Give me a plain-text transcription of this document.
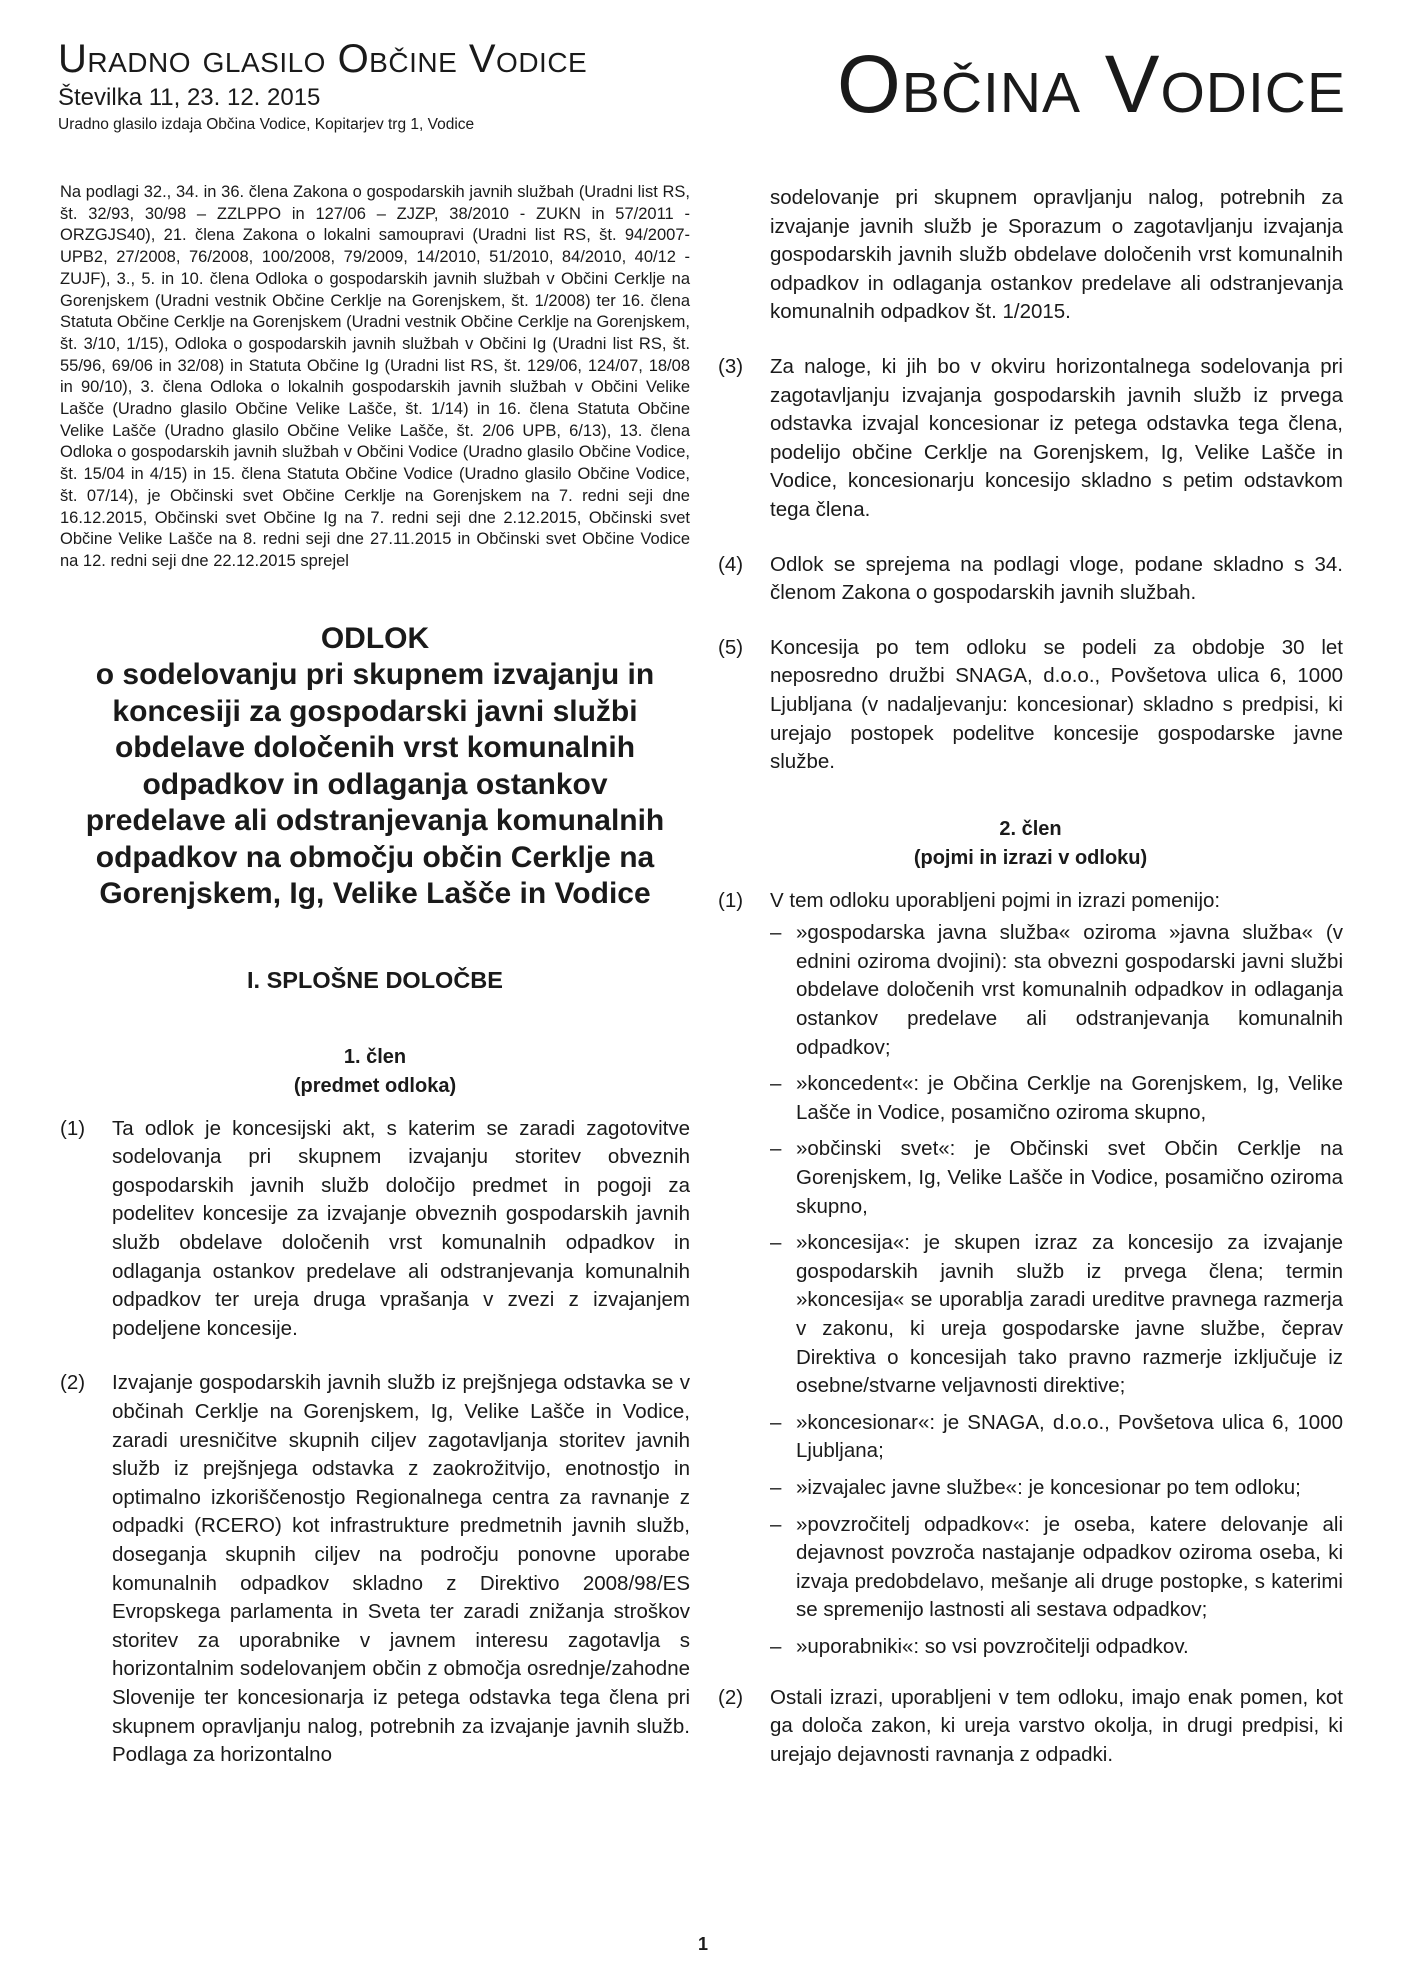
Uradno glasilo Občine Vodice
Številka 11, 23. 12. 2015
Uradno glasilo izdaja Občina Vodice, Kopitarjev trg 1, Vodice	Občina Vodice

Na podlagi 32., 34. in 36. člena Zakona o gospodarskih javnih službah (Uradni list RS, št. 32/93, 30/98 – ZZLPPO in 127/06 – ZJZP, 38/2010 - ZUKN in 57/2011 - ORZGJS40), 21. člena Zakona o lokalni samoupravi (Uradni list RS, št. 94/2007-UPB2, 27/2008, 76/2008, 100/2008, 79/2009, 14/2010, 51/2010, 84/2010, 40/12 - ZUJF), 3., 5. in 10. člena Odloka o gospodarskih javnih službah v Občini Cerklje na Gorenjskem (Uradni vestnik Občine Cerklje na Gorenjskem, št. 1/2008) ter 16. člena Statuta Občine Cerklje na Gorenjskem (Uradni vestnik Občine Cerklje na Gorenjskem, št. 3/10, 1/15), Odloka o gospodarskih javnih službah v Občini Ig (Uradni list RS, št. 55/96, 69/06 in 32/08) in Statuta Občine Ig (Uradni list RS, št. 129/06, 124/07, 18/08 in 90/10), 3. člena Odloka o lokalnih gospodarskih javnih službah v Občini Velike Lašče (Uradno glasilo Občine Velike Lašče, št. 1/14) in 16. člena Statuta Občine Velike Lašče (Uradno glasilo Občine Velike Lašče, št. 2/06 UPB, 6/13), 13. člena Odloka o gospodarskih javnih službah v Občini Vodice (Uradno glasilo Občine Vodice, št. 15/04 in 4/15) in 15. člena Statuta Občine Vodice (Uradno glasilo Občine Vodice, št. 07/14), je Občinski svet Občine Cerklje na Gorenjskem na 7. redni seji dne 16.12.2015, Občinski svet Občine Ig na 7. redni seji dne 2.12.2015, Občinski svet Občine Velike Lašče na 8. redni seji dne 27.11.2015 in Občinski svet Občine Vodice na 12. redni seji dne 22.12.2015 sprejel

ODLOK
o sodelovanju pri skupnem izvajanju in koncesiji za gospodarski javni službi obdelave določenih vrst komunalnih odpadkov in odlaganja ostankov predelave ali odstranjevanja komunalnih odpadkov na območju občin Cerklje na Gorenjskem, Ig, Velike Lašče in Vodice
I. SPLOŠNE DOLOČBE
1. člen
(predmet odloka)
(1)	Ta odlok je koncesijski akt, s katerim se zaradi zagotovitve sodelovanja pri skupnem izvajanju storitev obveznih gospodarskih javnih služb določijo predmet in pogoji za podelitev koncesije za izvajanje obveznih gospodarskih javnih služb obdelave določenih vrst komunalnih odpadkov in odlaganja ostankov predelave ali odstranjevanja komunalnih odpadkov ter ureja druga vprašanja v zvezi z izvajanjem podeljene koncesije.
(2)	Izvajanje gospodarskih javnih služb iz prejšnjega odstavka se v občinah Cerklje na Gorenjskem, Ig, Velike Lašče in Vodice, zaradi uresničitve skupnih ciljev zagotavljanja storitev javnih služb iz prejšnjega odstavka z zaokrožitvijo, enotnostjo in optimalno izkoriščenostjo Regionalnega centra za ravnanje z odpadki (RCERO) kot infrastrukture predmetnih javnih služb, doseganja skupnih ciljev na področju ponovne uporabe komunalnih odpadkov skladno z Direktivo 2008/98/ES Evropskega parlamenta in Sveta ter zaradi znižanja stroškov storitev za uporabnike v javnem interesu zagotavlja s horizontalnim sodelovanjem občin z območja osrednje/zahodne Slovenije ter koncesionarja iz petega odstavka tega člena pri skupnem opravljanju nalog, potrebnih za izvajanje javnih služb. Podlaga za horizontalno

sodelovanje pri skupnem opravljanju nalog, potrebnih za izvajanje javnih služb je Sporazum o zagotavljanju izvajanja gospodarskih javnih služb obdelave določenih vrst komunalnih odpadkov in odlaganja ostankov predelave ali odstranjevanja komunalnih odpadkov št. 1/2015.

(3)	Za naloge, ki jih bo v okviru horizontalnega sodelovanja pri zagotavljanju izvajanja gospodarskih javnih služb iz prvega odstavka izvajal koncesionar iz petega odstavka tega člena, podelijo občine Cerklje na Gorenjskem, Ig, Velike Lašče in Vodice, koncesionarju koncesijo skladno s petim odstavkom tega člena.
(4)	Odlok se sprejema na podlagi vloge, podane skladno s 34. členom Zakona o gospodarskih javnih službah.
(5)	Koncesija po tem odloku se podeli za obdobje 30 let neposredno družbi SNAGA, d.o.o., Povšetova ulica 6, 1000 Ljubljana (v nadaljevanju: koncesionar) skladno s predpisi, ki urejajo postopek podelitve koncesije gospodarske javne službe.
2. člen
(pojmi in izrazi v odloku)
(1)	V tem odloku uporabljeni pojmi in izrazi pomenijo:
– »gospodarska javna služba« oziroma »javna služba« (v ednini oziroma dvojini): sta obvezni gospodarski javni službi obdelave določenih vrst komunalnih odpadkov in odlaganja ostankov predelave ali odstranjevanja komunalnih odpadkov;
– »koncedent«: je Občina Cerklje na Gorenjskem, Ig, Velike Lašče in Vodice, posamično oziroma skupno,
– »občinski svet«: je Občinski svet Občin Cerklje na Gorenjskem, Ig, Velike Lašče in Vodice, posamično oziroma skupno,
– »koncesija«: je skupen izraz za koncesijo za izvajanje gospodarskih javnih služb iz prvega člena; termin »koncesija« se uporablja zaradi ureditve pravnega razmerja v zakonu, ki ureja gospodarske javne službe, čeprav Direktiva o koncesijah tako pravno razmerje izključuje iz osebne/stvarne veljavnosti direktive;
– »koncesionar«: je SNAGA, d.o.o., Povšetova ulica 6, 1000 Ljubljana;
– »izvajalec javne službe«: je koncesionar po tem odloku;
– »povzročitelj odpadkov«: je oseba, katere delovanje ali dejavnost povzroča nastajanje odpadkov oziroma oseba, ki izvaja predobdelavo, mešanje ali druge postopke, s katerimi se spremenijo lastnosti ali sestava odpadkov;
– »uporabniki«: so vsi povzročitelji odpadkov.
(2)	Ostali izrazi, uporabljeni v tem odloku, imajo enak pomen, kot ga določa zakon, ki ureja varstvo okolja, in drugi predpisi, ki urejajo dejavnosti ravnanja z odpadki.
1
